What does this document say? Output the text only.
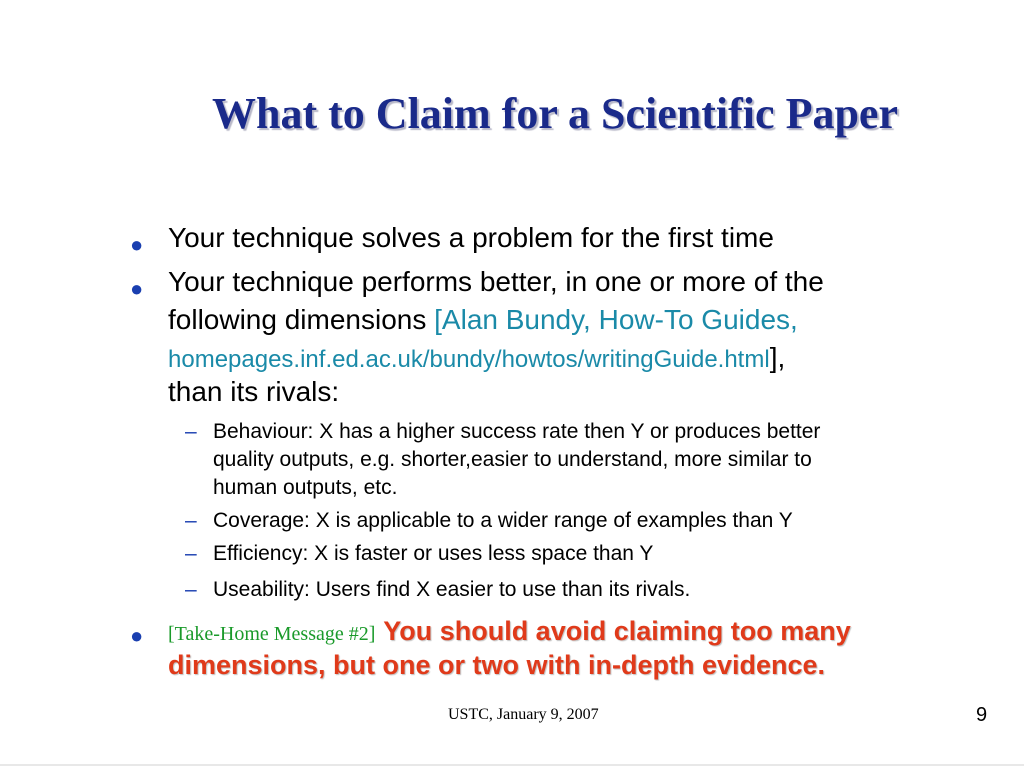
What to Claim for a Scientific Paper
● Your technique solves a problem for the first time
● Your technique performs better, in one or more of the
following dimensions [Alan Bundy, How-To Guides,
homepages.inf.ed.ac.uk/bundy/howtos/writingGuide.html],
than its rivals:
– Behaviour: X has a higher success rate then Y or produces better
quality outputs, e.g. shorter,easier to understand, more similar to
human outputs, etc.
– Coverage: X is applicable to a wider range of examples than Y
– Efficiency: X is faster or uses less space than Y
– Useability: Users find X easier to use than its rivals.
● [Take-Home Message #2] You should avoid claiming too many
dimensions, but one or two with in-depth evidence.
USTC, January 9, 2007	9
